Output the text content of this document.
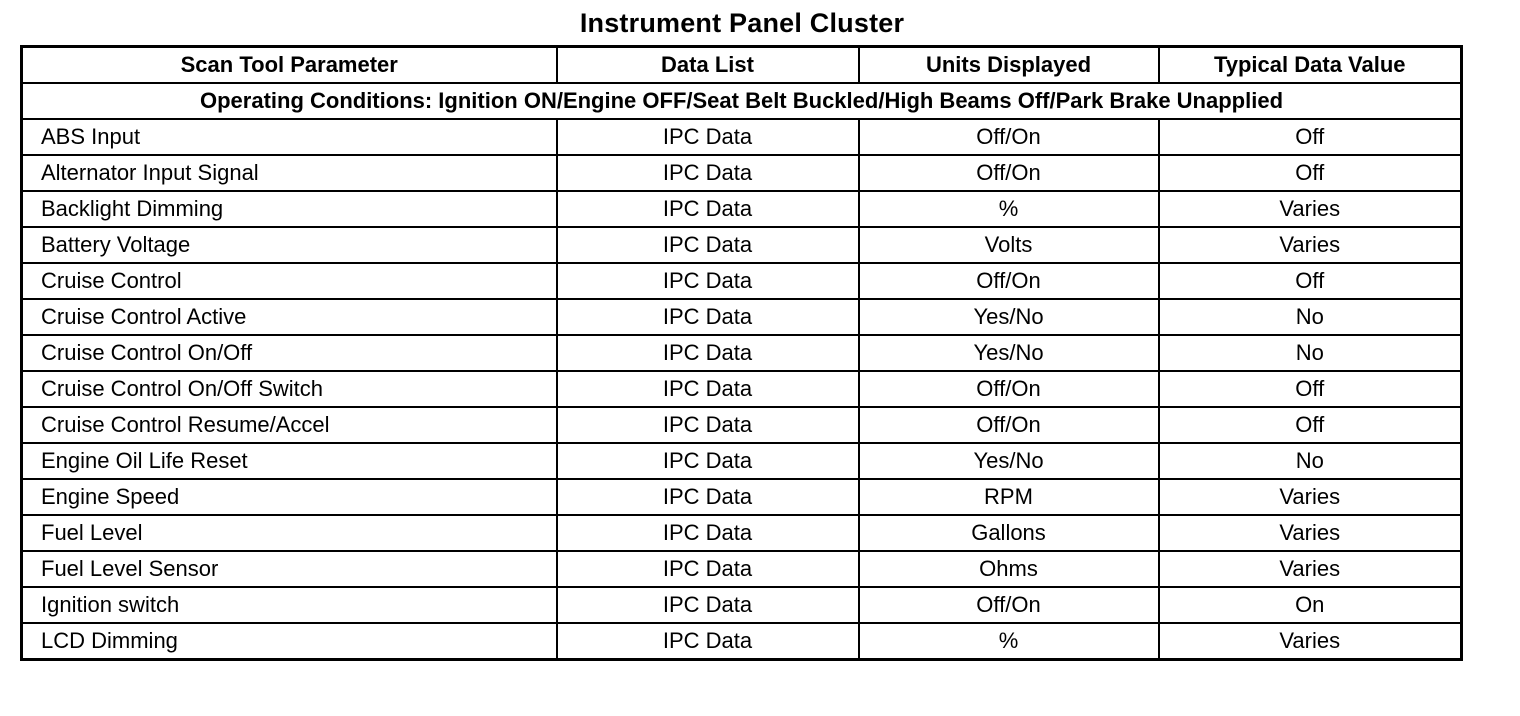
Instrument Panel Cluster
Scan Tool Parameter	Data List	Units Displayed	Typical Data Value
Operating Conditions: Ignition ON/Engine OFF/Seat Belt Buckled/High Beams Off/Park Brake Unapplied			
ABS Input	IPC Data	Off/On	Off
Alternator Input Signal	IPC Data	Off/On	Off
Backlight Dimming	IPC Data	%	Varies
Battery Voltage	IPC Data	Volts	Varies
Cruise Control	IPC Data	Off/On	Off
Cruise Control Active	IPC Data	Yes/No	No
Cruise Control On/Off	IPC Data	Yes/No	No
Cruise Control On/Off Switch	IPC Data	Off/On	Off
Cruise Control Resume/Accel	IPC Data	Off/On	Off
Engine Oil Life Reset	IPC Data	Yes/No	No
Engine Speed	IPC Data	RPM	Varies
Fuel Level	IPC Data	Gallons	Varies
Fuel Level Sensor	IPC Data	Ohms	Varies
Ignition switch	IPC Data	Off/On	On
LCD Dimming	IPC Data	%	Varies
